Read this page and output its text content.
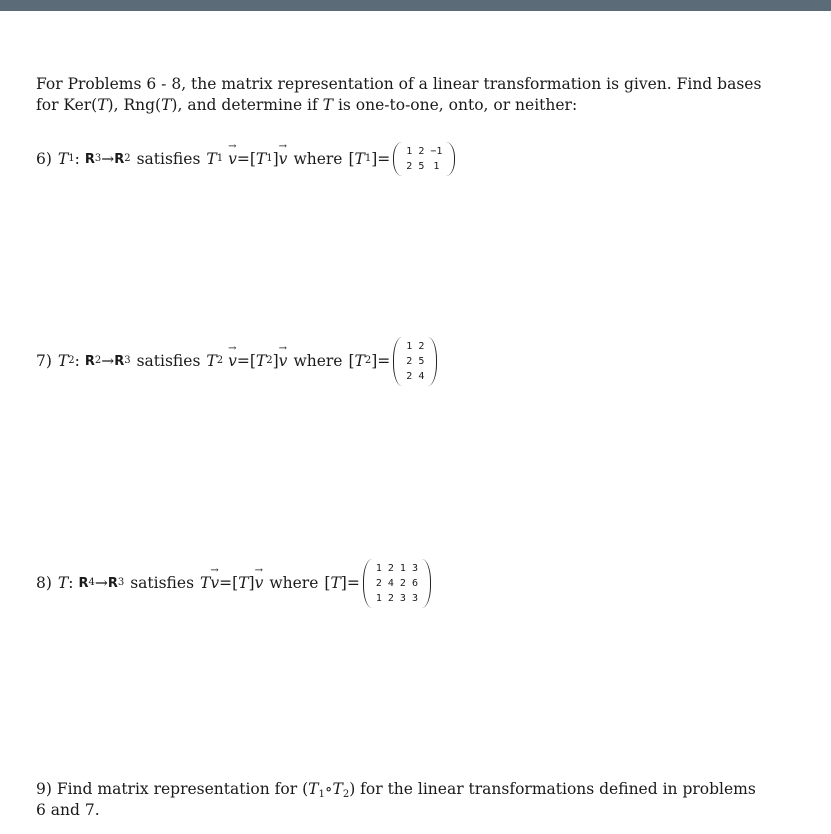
For Problems 6 - 8, the matrix representation of a linear transformation is given. Find bases
for Ker(T), Rng(T), and determine if T is one-to-one, onto, or neither:
6) T 1 :
R 3 → R 2 satisfies T 1
→ v = [ T 1 ] → v where [ T 1 ] = 1	2	−1
2	5	1
7) T 2 :
R 2 → R 3 satisfies T 2
→ v = [ T 2 ] → v where [ T 2 ] =
1	2
2	5
2	4
8) T :
R 4 → R 3 satisfies T → v = [ T ] → v where [ T ] =
1	2	1	3
2	4	2	6
1	2	3	3
9) Find matrix representation for $(T_1\circ T_2)$ for the linear transformations defined in problems
6 and 7.
